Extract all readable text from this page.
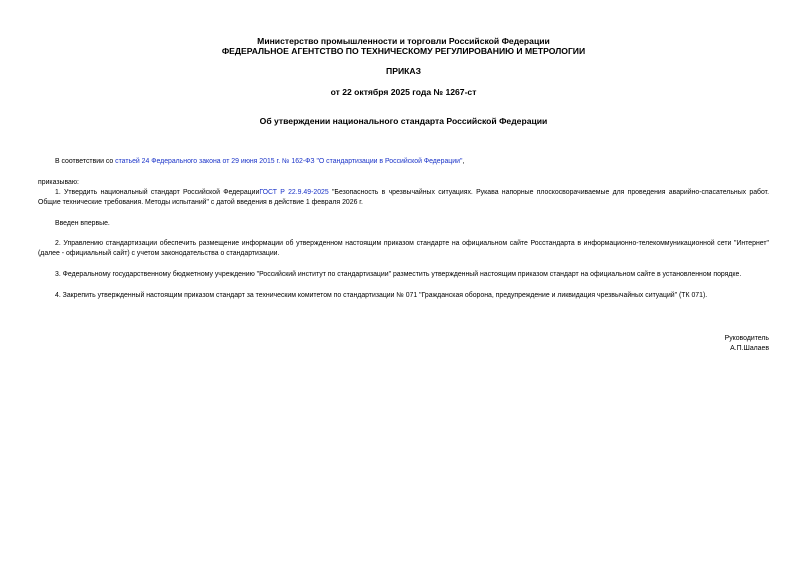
Министерство промышленности и торговли Российской Федерации
ФЕДЕРАЛЬНОЕ АГЕНТСТВО ПО ТЕХНИЧЕСКОМУ РЕГУЛИРОВАНИЮ И МЕТРОЛОГИИ
ПРИКАЗ
от 22 октября 2025 года № 1267-ст
Об утверждении национального стандарта Российской Федерации
В соответствии со статьей 24 Федерального закона от 29 июня 2015 г. № 162-ФЗ "О стандартизации в Российской Федерации",
приказываю:
1. Утвердить национальный стандарт Российской ФедерацииГОСТ Р 22.9.49-2025 "Безопасность в чрезвычайных ситуациях. Рукава напорные плоскосворачиваемые для проведения аварийно-спасательных работ. Общие технические требования. Методы испытаний" с датой введения в действие 1 февраля 2026 г.
Введен впервые.
2. Управлению стандартизации обеспечить размещение информации об утвержденном настоящим приказом стандарте на официальном сайте Росстандарта в информационно-телекоммуникационной сети "Интернет" (далее - официальный сайт) с учетом законодательства о стандартизации.
3. Федеральному государственному бюджетному учреждению "Российский институт по стандартизации" разместить утвержденный настоящим приказом стандарт на официальном сайте в установленном порядке.
4. Закрепить утвержденный настоящим приказом стандарт за техническим комитетом по стандартизации № 071 "Гражданская оборона, предупреждение и ликвидация чрезвычайных ситуаций" (ТК 071).
Руководитель
А.П.Шалаев
